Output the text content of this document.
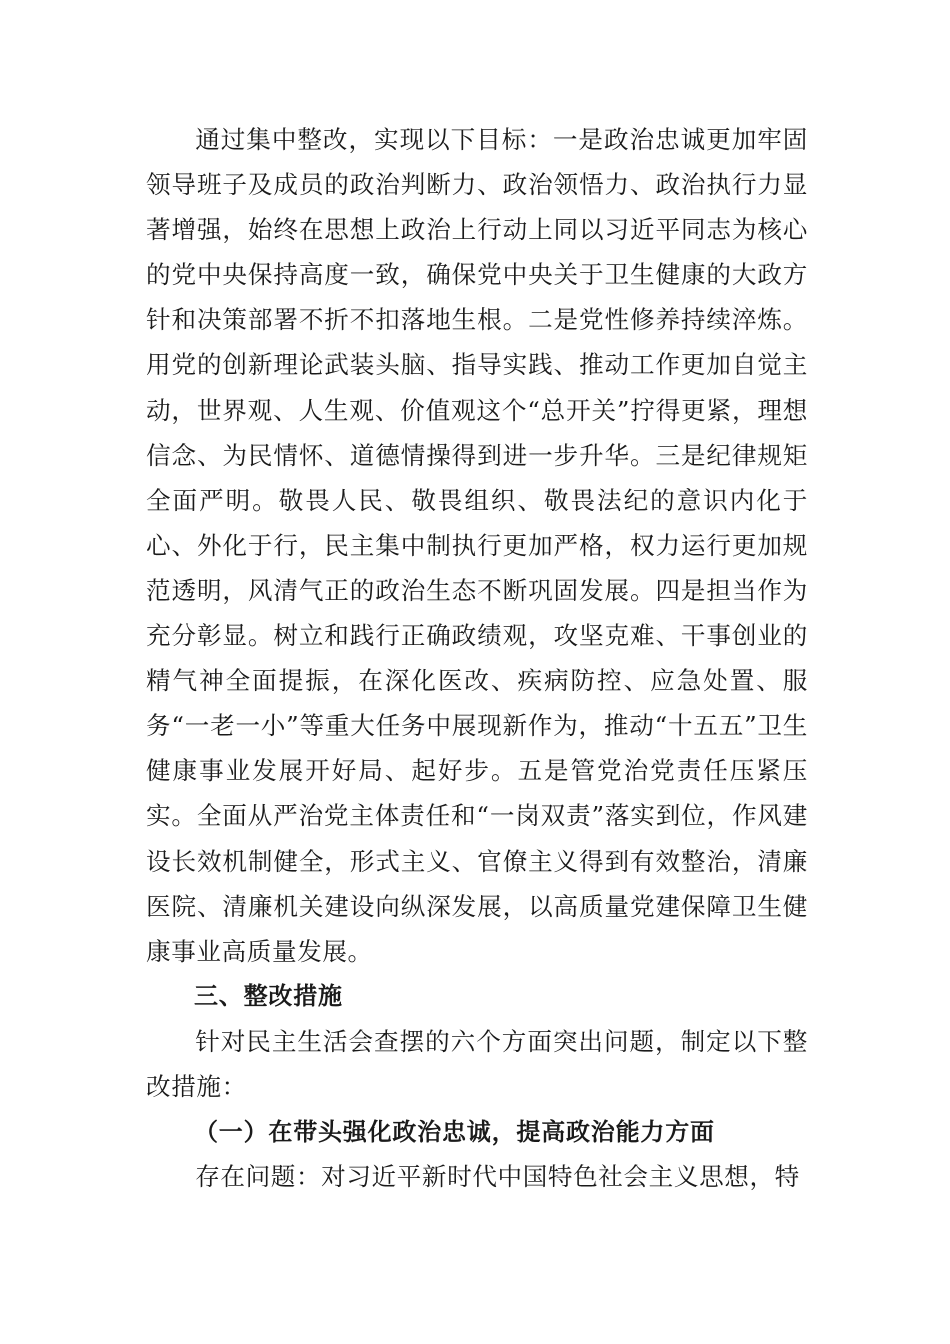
通过集中整改，实现以下目标：一是政治忠诚更加牢固领导班子及成员的政治判断力、政治领悟力、政治执行力显著增强，始终在思想上政治上行动上同以习近平同志为核心的党中央保持高度一致，确保党中央关于卫生健康的大政方针和决策部署不折不扣落地生根。二是党性修养持续淬炼。用党的创新理论武装头脑、指导实践、推动工作更加自觉主动，世界观、人生观、价值观这个“总开关”拧得更紧，理想信念、为民情怀、道德情操得到进一步升华。三是纪律规矩全面严明。敬畏人民、敬畏组织、敬畏法纪的意识内化于心、外化于行，民主集中制执行更加严格，权力运行更加规范透明，风清气正的政治生态不断巩固发展。四是担当作为充分彰显。树立和践行正确政绩观，攻坚克难、干事创业的精气神全面提振，在深化医改、疾病防控、应急处置、服务“一老一小”等重大任务中展现新作为，推动“十五五”卫生健康事业发展开好局、起好步。五是管党治党责任压紧压实。全面从严治党主体责任和“一岗双责”落实到位，作风建设长效机制健全，形式主义、官僚主义得到有效整治，清廉医院、清廉机关建设向纵深发展，以高质量党建保障卫生健康事业高质量发展。

三、整改措施

针对民主生活会查摆的六个方面突出问题，制定以下整改措施：

（一）在带头强化政治忠诚，提高政治能力方面

存在问题：对习近平新时代中国特色社会主义思想，特
